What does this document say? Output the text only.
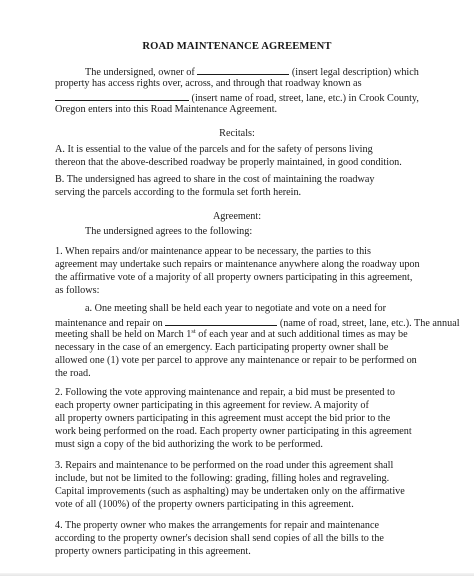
ROAD MAINTENANCE AGREEMENT
The undersigned, owner of	(insert legal description) which
property has access rights over, across, and through that roadway known as
(insert name of road, street, lane, etc.) in Crook County,
Oregon enters into this Road Maintenance Agreement.
Recitals:
A. It is essential to the value of the parcels and for the safety of persons living
thereon that the above-described roadway be properly maintained, in good condition.
B. The undersigned has agreed to share in the cost of maintaining the roadway
serving the parcels according to the formula set forth herein.
Agreement:
The undersigned agrees to the following:
1. When repairs and/or maintenance appear to be necessary, the parties to this
agreement may undertake such repairs or maintenance anywhere along the roadway upon
the affirmative vote of a majority of all property owners participating in this agreement,
as follows:
a. One meeting shall be held each year to negotiate and vote on a need for
maintenance and repair on	(name of road, street, lane, etc.). The annual
meeting shall be held on March 1st of each year and at such additional times as may be
necessary in the case of an emergency. Each participating property owner shall be
allowed one (1) vote per parcel to approve any maintenance or repair to be performed on
the road.
2. Following the vote approving maintenance and repair, a bid must be presented to
each property owner participating in this agreement for review. A majority of
all property owners participating in this agreement must accept the bid prior to the
work being performed on the road. Each property owner participating in this agreement
must sign a copy of the bid authorizing the work to be performed.
3. Repairs and maintenance to be performed on the road under this agreement shall
include, but not be limited to the following: grading, filling holes and regraveling.
Capital improvements (such as asphalting) may be undertaken only on the affirmative
vote of all (100%) of the property owners participating in this agreement.
4. The property owner who makes the arrangements for repair and maintenance
according to the property owner's decision shall send copies of all the bills to the
property owners participating in this agreement.
